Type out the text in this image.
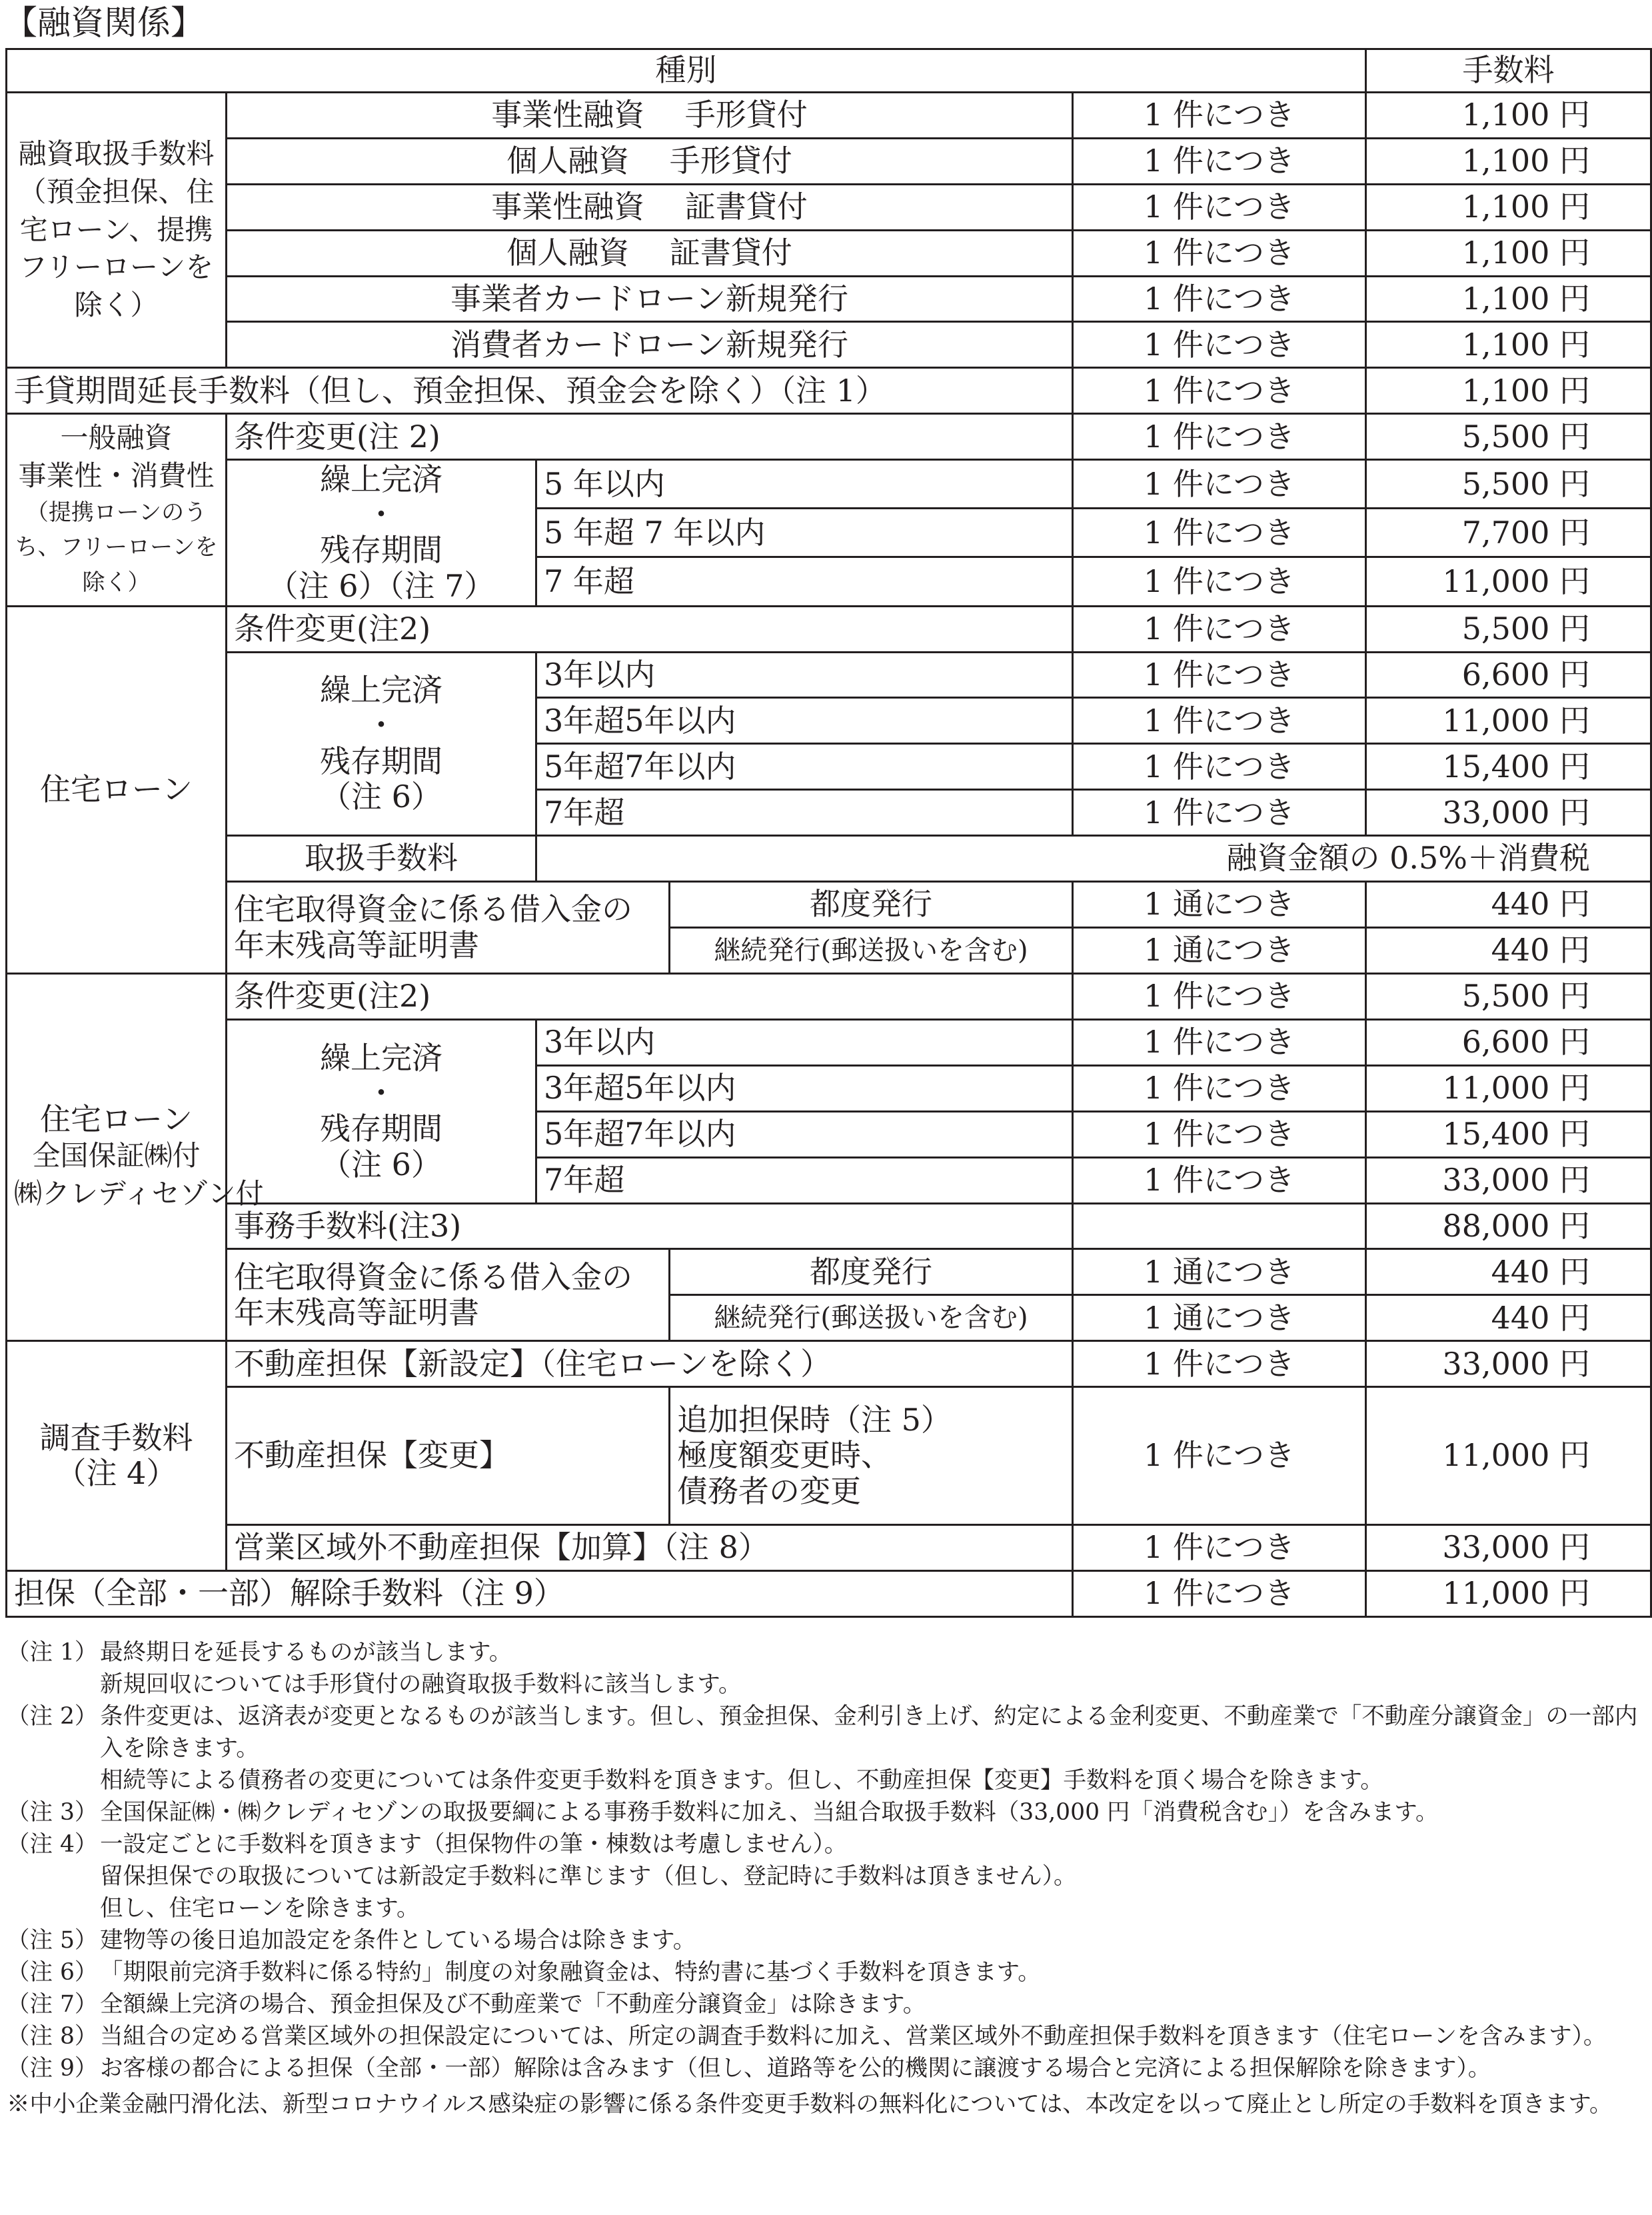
【融資関係】
種別					手数料
融資取扱手数料（預金担保、住宅ローン、提携フリーローンを除く）	事業性融資　 手形貸付			1 件につき	1,100 円
	個人融資　 手形貸付			1 件につき	1,100 円
	事業性融資　 証書貸付			1 件につき	1,100 円
	個人融資　 証書貸付			1 件につき	1,100 円
	事業者カードローン新規発行			1 件につき	1,100 円
	消費者カードローン新規発行			1 件につき	1,100 円
手貸期間延長手数料（但し、預金担保、預金会を除く）（注 1）				1 件につき	1,100 円

一般融資
事業性・消費性
（提携ローンのうち、フリーローンを除く）	条件変更(注 2)			1 件につき	5,500 円

	繰上完済
・
残存期間
（注 6）（注 7）	5 年以内		1 件につき	5,500 円
		5 年超 7 年以内		1 件につき	7,700 円
		7 年超		1 件につき	11,000 円
住宅ローン	条件変更(注2)			1 件につき	5,500 円

	繰上完済
・
残存期間
（注 6）	3年以内		1 件につき	6,600 円
		3年超5年以内		1 件につき	11,000 円
		5年超7年以内		1 件につき	15,400 円
		7年超		1 件につき	33,000 円
	取扱手数料	融資金額の 0.5%＋消費税			

	住宅取得資金に係る借入金の
年末残高等証明書		都度発行	1 通につき	440 円
			継続発行(郵送扱いを含む)	1 通につき	440 円

住宅ローン
全国保証㈱付
㈱クレディセゾン付	条件変更(注2)			1 件につき	5,500 円

	繰上完済
・
残存期間
（注 6）	3年以内		1 件につき	6,600 円
		3年超5年以内		1 件につき	11,000 円
		5年超7年以内		1 件につき	15,400 円
		7年超		1 件につき	33,000 円
	事務手数料(注3)				88,000 円

	住宅取得資金に係る借入金の
年末残高等証明書		都度発行	1 通につき	440 円
			継続発行(郵送扱いを含む)	1 通につき	440 円

調査手数料
（注 4）	不動産担保【新設定】（住宅ローンを除く）			1 件につき	33,000 円
	不動産担保【変更】		追加担保時（注 5）
極度額変更時、
債務者の変更	1 件につき	11,000 円
	営業区域外不動産担保【加算】（注 8）			1 件につき	33,000 円
担保（全部・一部）解除手数料（注 9）				1 件につき	11,000 円
（注 1） 最終期日を延長するものが該当します。
新規回収については手形貸付の融資取扱手数料に該当します。
（注 2） 条件変更は、返済表が変更となるものが該当します。但し、預金担保、金利引き上げ、約定による金利変更、不動産業で「不動産分譲資金」の一部内入を除きます。
相続等による債務者の変更については条件変更手数料を頂きます。但し、不動産担保【変更】手数料を頂く場合を除きます。
（注 3） 全国保証㈱・㈱クレディセゾンの取扱要綱による事務手数料に加え、当組合取扱手数料（33,000 円「消費税含む」）を含みます。
（注 4） 一設定ごとに手数料を頂きます（担保物件の筆・棟数は考慮しません）。
留保担保での取扱については新設定手数料に準じます（但し、登記時に手数料は頂きません）。
但し、住宅ローンを除きます。
（注 5） 建物等の後日追加設定を条件としている場合は除きます。
（注 6） 「期限前完済手数料に係る特約」制度の対象融資金は、特約書に基づく手数料を頂きます。
（注 7） 全額繰上完済の場合、預金担保及び不動産業で「不動産分譲資金」は除きます。
（注 8） 当組合の定める営業区域外の担保設定については、所定の調査手数料に加え、営業区域外不動産担保手数料を頂きます（住宅ローンを含みます）。
（注 9） お客様の都合による担保（全部・一部）解除は含みます（但し、道路等を公的機関に譲渡する場合と完済による担保解除を除きます）。
※中小企業金融円滑化法、新型コロナウイルス感染症の影響に係る条件変更手数料の無料化については、本改定を以って廃止とし所定の手数料を頂きます。
